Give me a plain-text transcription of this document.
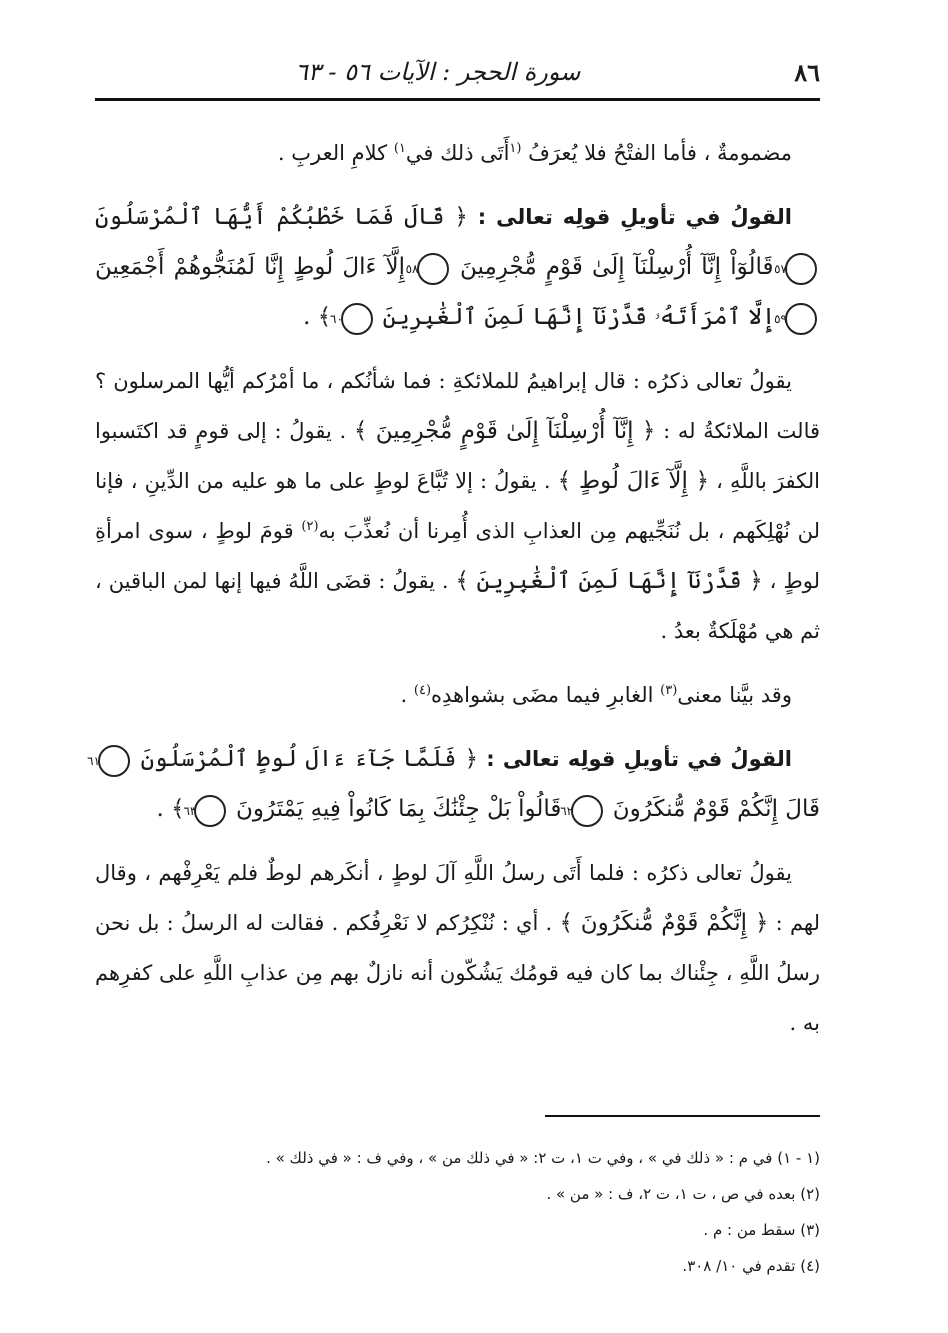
٨٦
سورة الحجر : الآيات ٥٦ - ٦٣

مضمومةٌ ، فأما الفتْحُ فلا يُعرَفُ $^{(١}$أَتَى ذلك في$^{١)}$ كلامِ العربِ .

القولُ في تأويلِ قولِه تعالى : ﴿ قَالَ فَمَا خَطْبُكُمْ أَيُّهَا ٱلْمُرْسَلُونَ ٥٧ قَالُوٓاْ إِنَّآ أُرْسِلْنَآ إِلَىٰ قَوْمٍ مُّجْرِمِينَ ٥٨ إِلَّآ ءَالَ لُوطٍ إِنَّا لَمُنَجُّوهُمْ أَجْمَعِينَ ٥٩ إِلَّا ٱمْرَأَتَهُۥ قَدَّرْنَآ إِنَّهَا لَمِنَ ٱلْغَٰبِرِينَ ٦٠ ﴾ .

يقولُ تعالى ذكرُه : قال إبراهيمُ للملائكةِ : فما شأنُكم ، ما أمْرُكم أيُّها المرسلون ؟ قالت الملائكةُ له : ﴿ إِنَّآ أُرْسِلْنَآ إِلَىٰ قَوْمٍ مُّجْرِمِينَ ﴾ . يقولُ : إلى قومٍ قد اكتَسبوا الكفرَ باللَّهِ ، ﴿ إِلَّآ ءَالَ لُوطٍ ﴾ . يقولُ : إلا تُبَّاعَ لوطٍ على ما هو عليه من الدِّينِ ، فإنا لن نُهْلِكَهم ، بل نُنَجِّيهم مِن العذابِ الذى أُمِرنا أن نُعذِّبَ به$^{(٢)}$ قومَ لوطٍ ، سوى امرأةِ لوطٍ ، ﴿ قَدَّرْنَآ إِنَّهَا لَمِنَ ٱلْغَٰبِرِينَ ﴾ . يقولُ : قضَى اللَّهُ فيها إنها لمن الباقين ، ثم هي مُهْلَكةٌ بعدُ .

وقد بيَّنا معنى$^{(٣)}$ الغابرِ فيما مضَى بشواهدِه$^{(٤)}$ .

القولُ في تأويلِ قولِه تعالى : ﴿ فَلَمَّا جَآءَ ءَالَ لُوطٍ ٱلْمُرْسَلُونَ ٦١ قَالَ إِنَّكُمْ قَوْمٌ مُّنكَرُونَ ٦٢ قَالُواْ بَلْ جِئْنَٰكَ بِمَا كَانُواْ فِيهِ يَمْتَرُونَ ٦٣ ﴾ .

يقولُ تعالى ذكرُه : فلما أَتَى رسلُ اللَّهِ آلَ لوطٍ ، أنكَرهم لوطٌ فلم يَعْرِفْهم ، وقال لهم : ﴿ إِنَّكُمْ قَوْمٌ مُّنكَرُونَ ﴾ . أي : نُنْكِرُكم لا نَعْرِفُكم . فقالت له الرسلُ : بل نحن رسلُ اللَّهِ ، جِئْناك بما كان فيه قومُك يَشُكّون أنه نازلٌ بهم مِن عذابِ اللَّهِ على كفرِهم به .

(١ - ١) في م : « ذلك في » ، وفي ت ١، ت ٢: « في ذلك من » ، وفي ف : « في ذلك » .

(٢) بعده في ص ، ت ١، ت ٢، ف : « من » .

(٣) سقط من : م .

(٤) تقدم في ١٠/ ٣٠٨.
